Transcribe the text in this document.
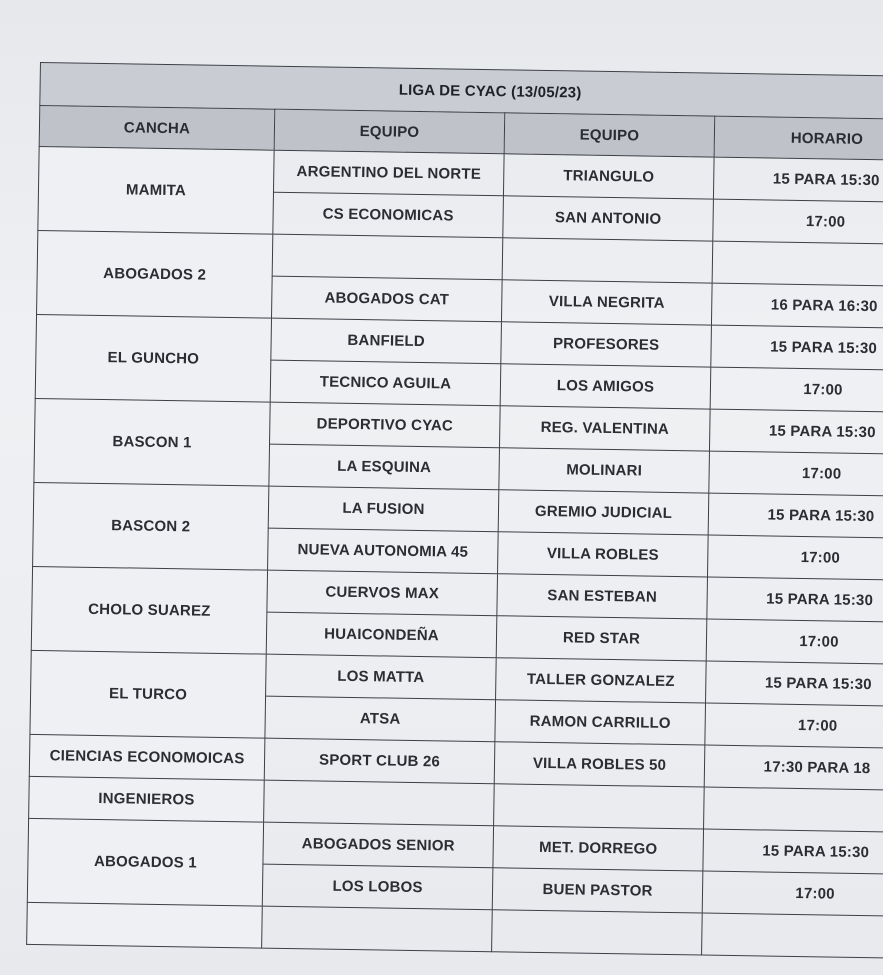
LIGA DE CYAC (13/05/23)			
CANCHA	EQUIPO	EQUIPO	HORARIO
MAMITA	ARGENTINO DEL NORTE	TRIANGULO	15 PARA 15:30
	CS ECONOMICAS	SAN ANTONIO	17:00
ABOGADOS 2			
	ABOGADOS CAT	VILLA NEGRITA	16 PARA 16:30
EL GUNCHO	BANFIELD	PROFESORES	15 PARA 15:30
	TECNICO AGUILA	LOS AMIGOS	17:00
BASCON 1	DEPORTIVO CYAC	REG. VALENTINA	15 PARA 15:30
	LA ESQUINA	MOLINARI	17:00
BASCON 2	LA FUSION	GREMIO JUDICIAL	15 PARA 15:30
	NUEVA AUTONOMIA 45	VILLA ROBLES	17:00
CHOLO SUAREZ	CUERVOS MAX	SAN ESTEBAN	15 PARA 15:30
	HUAICONDEÑA	RED STAR	17:00
EL TURCO	LOS MATTA	TALLER GONZALEZ	15 PARA 15:30
	ATSA	RAMON CARRILLO	17:00
CIENCIAS ECONOMOICAS	SPORT CLUB 26	VILLA ROBLES 50	17:30 PARA 18
INGENIEROS			
ABOGADOS 1	ABOGADOS SENIOR	MET. DORREGO	15 PARA 15:30
	LOS LOBOS	BUEN PASTOR	17:00
